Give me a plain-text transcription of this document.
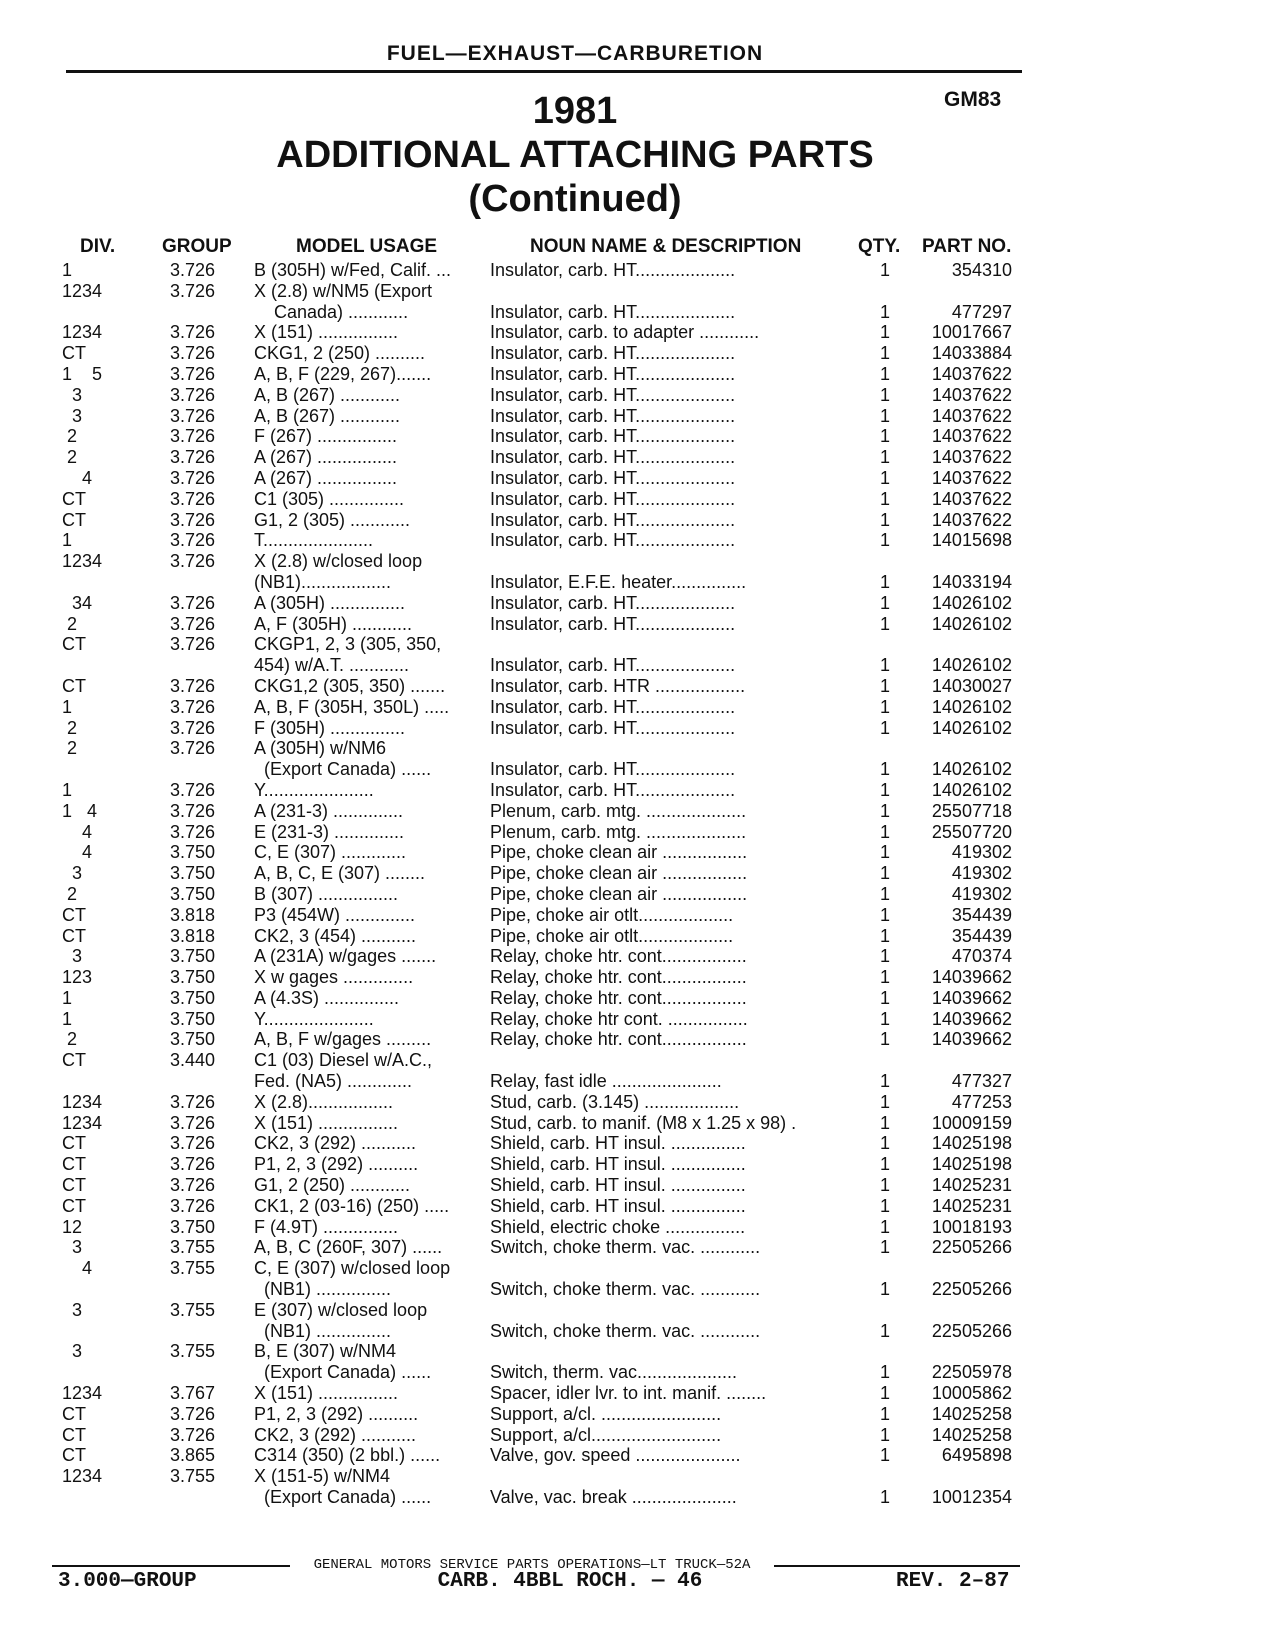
FUEL—EXHAUST—CARBURETION
1981	GM83
ADDITIONAL ATTACHING PARTS
(Continued)
DIV. GROUP	MODEL USAGE	NOUN NAME & DESCRIPTION	QTY. PART NO.
1	3.726 B (305H) w/Fed, Calif. ... Insulator, carb. HT....................	1	354310
1234	3.726 X (2.8) w/NM5 (Export
Canada) ............	Insulator, carb. HT....................	1	477297
1234	3.726 X (151) ................	Insulator, carb. to adapter ............	1	10017667
CT	3.726 CKG1, 2 (250) ..........	Insulator, carb. HT....................	1	14033884
1    5	3.726 A, B, F (229, 267).......	Insulator, carb. HT....................	1	14037622
3	3.726 A, B (267) ............	Insulator, carb. HT....................	1	14037622
3	3.726 A, B (267) ............	Insulator, carb. HT....................	1	14037622
2	3.726 F (267) ................	Insulator, carb. HT....................	1	14037622
2	3.726 A (267) ................	Insulator, carb. HT....................	1	14037622
4	3.726 A (267) ................	Insulator, carb. HT....................	1	14037622
CT	3.726 C1 (305) ...............	Insulator, carb. HT....................	1	14037622
CT	3.726 G1, 2 (305) ............	Insulator, carb. HT....................	1	14037622
1	3.726 T......................	Insulator, carb. HT....................	1	14015698
1234	3.726 X (2.8) w/closed loop
(NB1)..................	Insulator, E.F.E. heater...............	1	14033194
34	3.726 A (305H) ...............	Insulator, carb. HT....................	1	14026102
2	3.726 A, F (305H) ............	Insulator, carb. HT....................	1	14026102
CT	3.726 CKGP1, 2, 3 (305, 350,
454) w/A.T. ............	Insulator, carb. HT....................	1	14026102
CT	3.726 CKG1,2 (305, 350) ....... Insulator, carb. HTR ..................	1	14030027
1	3.726 A, B, F (305H, 350L) ..... Insulator, carb. HT....................	1	14026102
2	3.726 F (305H) ...............	Insulator, carb. HT....................	1	14026102
2	3.726 A (305H) w/NM6
(Export Canada) ......	Insulator, carb. HT....................	1	14026102
1	3.726 Y......................	Insulator, carb. HT....................	1	14026102
1   4	3.726 A (231-3) ..............	Plenum, carb. mtg. ....................	1	25507718
4	3.726 E (231-3) ..............	Plenum, carb. mtg. ....................	1	25507720
4	3.750 C, E (307) .............	Pipe, choke clean air .................	1	419302
3	3.750 A, B, C, E (307) ........	Pipe, choke clean air .................	1	419302
2	3.750 B (307) ................	Pipe, choke clean air .................	1	419302
CT	3.818 P3 (454W) ..............	Pipe, choke air otlt...................	1	354439
CT	3.818 CK2, 3 (454) ...........	Pipe, choke air otlt...................	1	354439
3	3.750 A (231A) w/gages .......	Relay, choke htr. cont.................	1	470374
123	3.750 X w gages ..............	Relay, choke htr. cont.................	1	14039662
1	3.750 A (4.3S) ...............	Relay, choke htr. cont.................	1	14039662
1	3.750 Y......................	Relay, choke htr cont. ................	1	14039662
2	3.750 A, B, F w/gages .........	Relay, choke htr. cont.................	1	14039662
CT	3.440 C1 (03) Diesel w/A.C.,
Fed. (NA5) .............	Relay, fast idle ......................	1	477327
1234	3.726 X (2.8).................	Stud, carb. (3.145) ...................	1	477253
1234	3.726 X (151) ................	Stud, carb. to manif. (M8 x 1.25 x 98) .	1	10009159
CT	3.726 CK2, 3 (292) ...........	Shield, carb. HT insul. ...............	1	14025198
CT	3.726 P1, 2, 3 (292) ..........	Shield, carb. HT insul. ...............	1	14025198
CT	3.726 G1, 2 (250) ............	Shield, carb. HT insul. ...............	1	14025231
CT	3.726 CK1, 2 (03-16) (250) ..... Shield, carb. HT insul. ...............	1	14025231
12	3.750 F (4.9T) ...............	Shield, electric choke ................	1	10018193
3	3.755 A, B, C (260F, 307) ......	Switch, choke therm. vac. ............	1	22505266
4	3.755 C, E (307) w/closed loop
(NB1) ...............	Switch, choke therm. vac. ............	1	22505266
3	3.755 E (307) w/closed loop
(NB1) ...............	Switch, choke therm. vac. ............	1	22505266
3	3.755 B, E (307) w/NM4
(Export Canada) ......	Switch, therm. vac....................	1	22505978
1234	3.767 X (151) ................	Spacer, idler lvr. to int. manif. ........	1	10005862
CT	3.726 P1, 2, 3 (292) ..........	Support, a/cl. ........................	1	14025258
CT	3.726 CK2, 3 (292) ...........	Support, a/cl..........................	1	14025258
CT	3.865 C314 (350) (2 bbl.) ......	Valve, gov. speed .....................	1	6495898
1234	3.755 X (151-5) w/NM4
(Export Canada) ......	Valve, vac. break .....................	1	10012354
GENERAL MOTORS SERVICE PARTS OPERATIONS—LT TRUCK—52A
3.000—GROUP	CARB. 4BBL ROCH. — 46	REV. 2–87
